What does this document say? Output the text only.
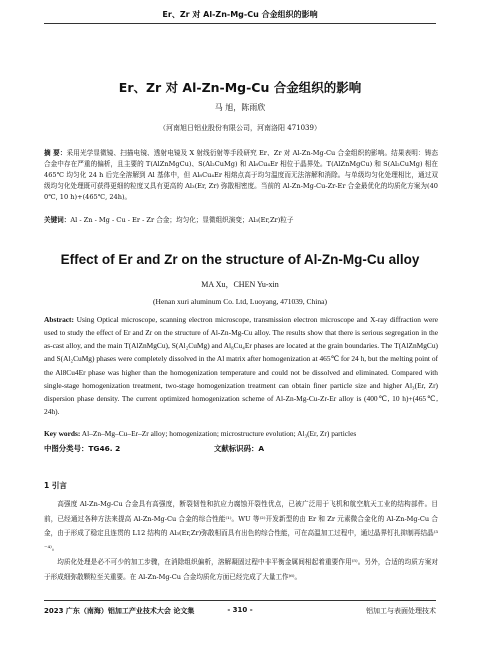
Er、Zr 对 Al-Zn-Mg-Cu 合金组织的影响
Er、Zr 对 Al-Zn-Mg-Cu 合金组织的影响
马 旭，陈雨欣
（河南旭日铝业股份有限公司，河南洛阳 471039）
摘 要：采用光学显微镜、扫描电镜、透射电镜及 X 射线衍射等手段研究 Er、Zr 对 Al-Zn-Mg-Cu 合金组织的影响。结果表明：铸态合金中存在严重的偏析，且主要的 T(AlZnMgCu)、S(Al₂CuMg) 和 Al₈Cu₄Er 相位于晶界处。T(AlZnMgCu) 和 S(Al₂CuMg) 相在 465℃ 均匀化 24 h 后完全溶解到 Al 基体中，但 Al₈Cu₄Er 相熔点高于均匀温度而无法溶解和消除。与单级均匀化处理相比，通过双级均匀化处理既可获得更细的粒度又具有更高的 Al₃(Er, Zr) 弥散相密度。当前的 Al-Zn-Mg-Cu-Zr-Er 合金最优化的均质化方案为(400℃, 10 h)+(465℃, 24h)。
关键词：Al - Zn - Mg - Cu - Er - Zr 合金；均匀化；显微组织演变；Al₃(Er,Zr)粒子
Effect of Er and Zr on the structure of Al-Zn-Mg-Cu alloy
MA Xu，CHEN Yu-xin
(Henan xuri aluminum Co. Ltd, Luoyang, 471039, China)
Abstract: Using Optical microscope, scanning electron microscope, transmission electron microscope and X-ray diffraction were used to study the effect of Er and Zr on the structure of Al-Zn-Mg-Cu alloy. The results show that there is serious segregation in the as-cast alloy, and the main T(AlZnMgCu), S(Al₂CuMg) and Al₈Cu₄Er phases are located at the grain boundaries. The T(AlZnMgCu) and S(Al₂CuMg) phases were completely dissolved in the Al matrix after homogenization at 465℃ for 24 h, but the melting point of the Al8Cu4Er phase was higher than the homogenization temperature and could not be dissolved and eliminated. Compared with single-stage homogenization treatment, two-stage homogenization treatment can obtain finer particle size and higher Al₃(Er, Zr) dispersion phase density. The current optimized homogenization scheme of Al-Zn-Mg-Cu-Zr-Er alloy is (400℃, 10 h)+(465℃, 24h).
Key words: Al–Zn–Mg–Cu–Er–Zr alloy; homogenization; microstructure evolution; Al₃(Er, Zr) particles
中图分类号：TG46. 2	文献标识码：A
1 引言

高强度 Al-Zn-Mg-Cu 合金具有高强度，断裂韧性和抗应力腐蚀开裂性优点，已被广泛用于飞机和航空航天工业的结构部件。目前，已经通过各种方法来提高 Al-Zn-Mg-Cu 合金的综合性能⁽¹⁾。WU 等⁽²⁾开发新型的由 Er 和 Zr 元素微合金化的 Al-Zn-Mg-Cu 合金，由于形成了稳定且连贯的 L12 结构的 Al₃(Er,Zr)弥散相而具有出色的综合性能，可在高温加工过程中，通过晶界钉扎抑制再结晶⁽³⁻⁴⁾。

均质化处理是必不可少的加工步骤，在消除组织偏析，溶解凝固过程中非平衡金属间相起着重要作用⁽⁵⁾。另外，合适的均质方案对于形成细弥散颗粒至关重要。在 Al-Zn-Mg-Cu 合金均质化方面已经完成了大量工作⁽⁶⁾。

2023 广东（南海）铝加工产业技术大会 论文集	- 310 -	铝加工与表面处理技术
